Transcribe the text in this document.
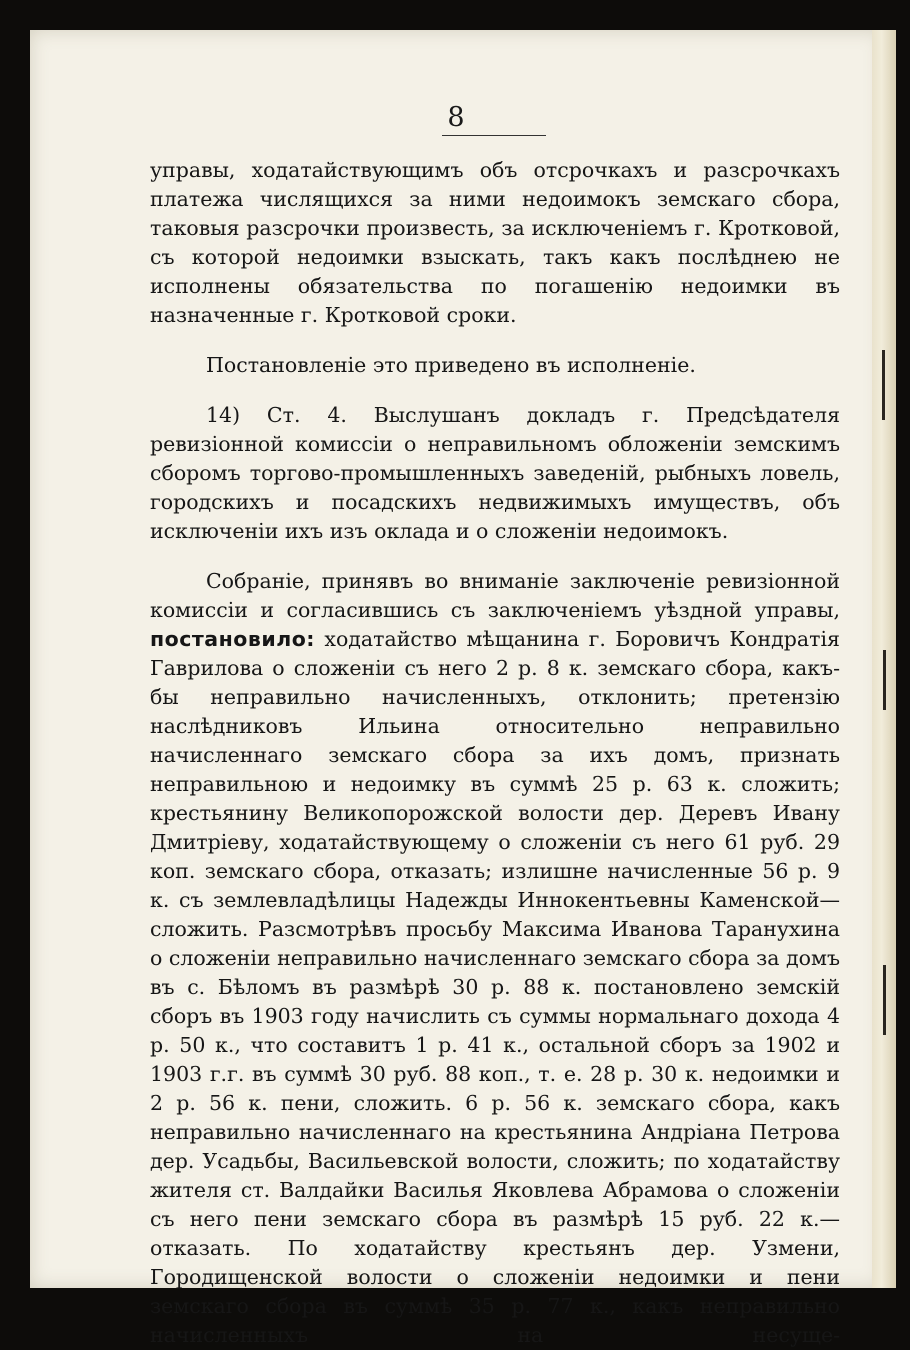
8

управы, ходатайствующимъ объ отсрочкахъ и разсрочкахъ платежа числящихся за ними недоимокъ земскаго сбора, таковыя разсрочки произвесть, за исключенiемъ г. Кротковой, съ которой недоимки взыскать, такъ какъ послѣднею не исполнены обязательства по погашенiю недоимки въ назначенные г. Кротковой сроки.

Постановленiе это приведено въ исполненiе.

14) Ст. 4. Выслушанъ докладъ г. Предсѣдателя ревизiонной комиссiи о неправильномъ обложенiи земскимъ сборомъ торгово-промышленныхъ заведенiй, рыбныхъ ловель, городскихъ и посадскихъ недвижимыхъ имуществъ, объ исключенiи ихъ изъ оклада и о сложенiи недоимокъ.

Собранiе, принявъ во вниманiе заключенiе ревизiонной комиссiи и согласившись съ заключенiемъ уѣздной управы, постановило: ходатайство мѣщанина г. Боровичъ Кондратiя Гаврилова о сложенiи съ него 2 р. 8 к. земскаго сбора, какъ-бы неправильно начисленныхъ, отклонить; претензiю наслѣдниковъ Ильина относительно неправильно начисленнаго земскаго сбора за ихъ домъ, признать неправильною и недоимку въ суммѣ 25 р. 63 к. сложить; крестьянину Великопорожской волости дер. Деревъ Ивану Дмитрiеву, ходатайствующему о сложенiи съ него 61 руб. 29 коп. земскаго сбора, отказать; излишне начисленные 56 р. 9 к. съ землевладѣлицы Надежды Иннокентьевны Каменской—сложить. Разсмотрѣвъ просьбу Максима Иванова Таранухина о сложенiи неправильно начисленнаго земскаго сбора за домъ въ с. Бѣломъ въ размѣрѣ 30 р. 88 к. постановлено земскiй сборъ въ 1903 году начислить съ суммы нормальнаго дохода 4 р. 50 к., что составитъ 1 р. 41 к., остальной сборъ за 1902 и 1903 г.г. въ суммѣ 30 руб. 88 коп., т. е. 28 р. 30 к. недоимки и 2 р. 56 к. пени, сложить. 6 р. 56 к. земскаго сбора, какъ неправильно начисленнаго на крестьянина Андрiана Петрова дер. Усадьбы, Васильевской волости, сложить; по ходатайству жителя ст. Валдайки Василья Яковлева Абрамова о сложенiи съ него пени земскаго сбора въ размѣрѣ 15 руб. 22 к.—отказать. По ходатайству крестьянъ дер. Узмени, Городищенской волости о сложенiи недоимки и пени земскаго сбора въ суммѣ 35 р. 77 к., какъ неправильно начисленныхъ на несуще-
